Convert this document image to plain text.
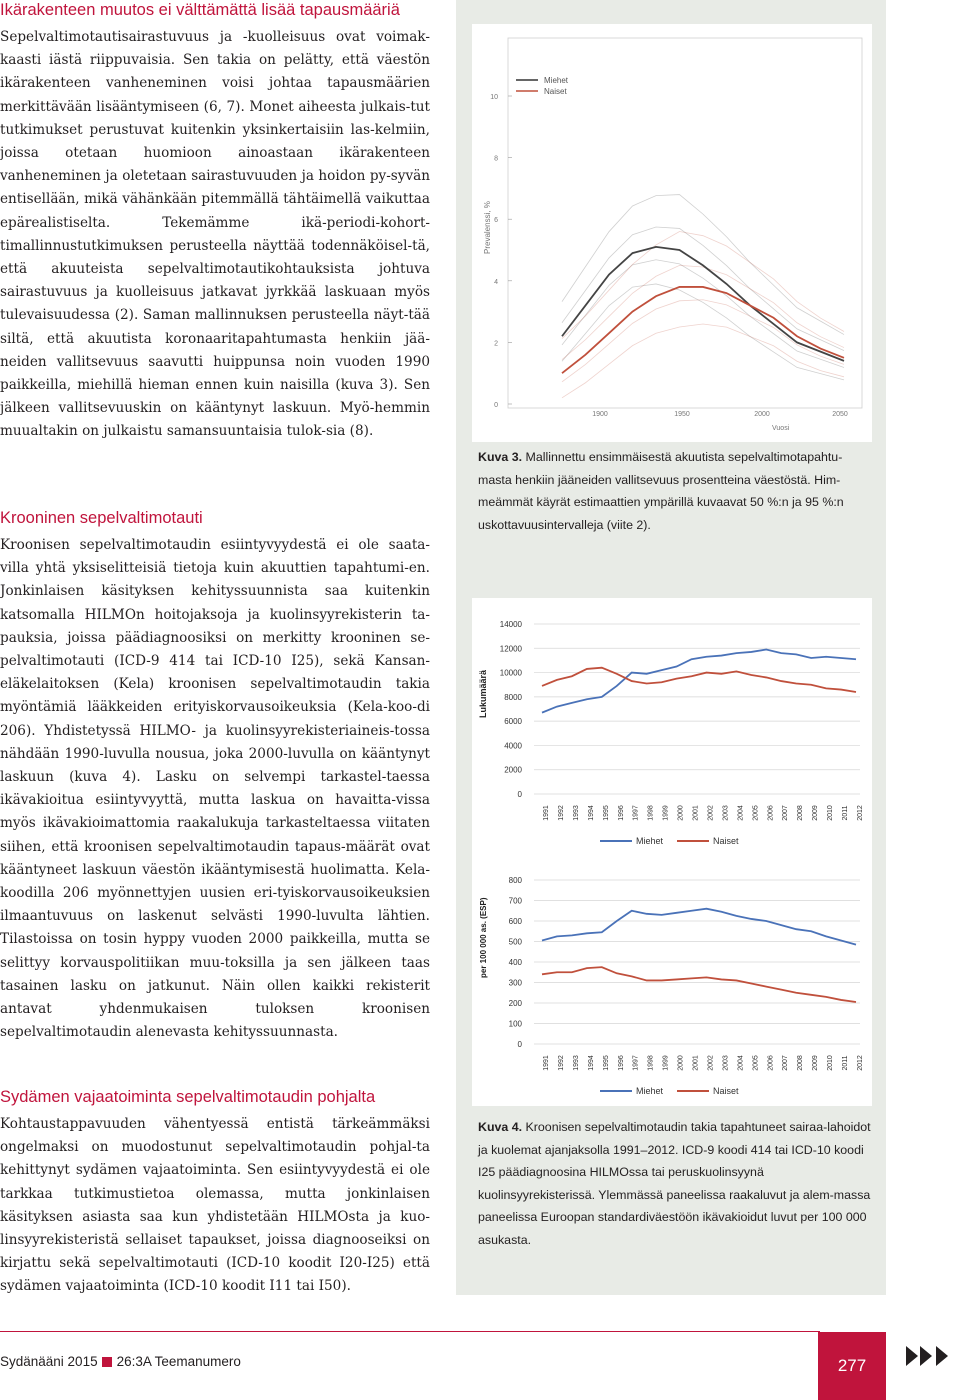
Ikärakenteen muutos ei välttämättä lisää tapausmääriä

Sepelvaltimotautisairastuvuus ja -kuolleisuus ovat voimak-kaasti iästä riippuvaisia. Sen takia on pelätty, että väestön ikärakenteen vanheneminen voisi johtaa tapausmäärien merkittävään lisääntymiseen (6, 7). Monet aiheesta julkais-tut tutkimukset perustuvat kuitenkin yksinkertaisiin las-kelmiin, joissa otetaan huomioon ainoastaan ikärakenteen vanheneminen ja oletetaan sairastuvuuden ja hoidon py-syvän entisellään, mikä vähänkään pitemmällä tähtäimellä vaikuttaa epärealistiselta. Tekemämme ikä-periodi-kohort-timallinnustutkimuksen perusteella näyttää todennäköisel-tä, että akuuteista sepelvaltimotautikohtauksista johtuva sairastuvuus ja kuolleisuus jatkavat jyrkkää laskuaan myös tulevaisuudessa (2). Saman mallinnuksen perusteella näyt-tää siltä, että akuutista koronaaritapahtumasta henkiin jää-neiden vallitsevuus saavutti huippunsa noin vuoden 1990 paikkeilla, miehillä hieman ennen kuin naisilla (kuva 3). Sen jälkeen vallitsevuuskin on kääntynyt laskuun. Myö-hemmin muualtakin on julkaistu samansuuntaisia tulok-sia (8).

Krooninen sepelvaltimotauti

Kroonisen sepelvaltimotaudin esiintyvyydestä ei ole saata-villa yhtä yksiselitteisiä tietoja kuin akuuttien tapahtumi-en. Jonkinlaisen käsityksen kehityssuunnista saa kuitenkin katsomalla HILMOn hoitojaksoja ja kuolinsyyrekisterin ta-pauksia, joissa päädiagnoosiksi on merkitty krooninen se-pelvaltimotauti (ICD-9 414 tai ICD-10 I25), sekä Kansan-eläkelaitoksen (Kela) kroonisen sepelvaltimotaudin takia myöntämiä lääkkeiden erityiskorvausoikeuksia (Kela-koo-di 206). Yhdistetyssä HILMO- ja kuolinsyyrekisteriaineis-tossa nähdään 1990-luvulla nousua, joka 2000-luvulla on kääntynyt laskuun (kuva 4). Lasku on selvempi tarkastel-taessa ikävakioitua esiintyvyyttä, mutta laskua on havaitta-vissa myös ikävakioimattomia raakalukuja tarkasteltaessa viitaten siihen, että kroonisen sepelvaltimotaudin tapaus-määrät ovat kääntyneet laskuun väestön ikääntymisestä huolimatta. Kela-koodilla 206 myönnettyjen uusien eri-tyiskorvausoikeuksien ilmaantuvuus on laskenut selvästi 1990-luvulta lähtien. Tilastoissa on tosin hyppy vuoden 2000 paikkeilla, mutta se selittyy korvauspolitiikan muu-toksilla ja sen jälkeen taas tasainen lasku on jatkunut. Näin ollen kaikki rekisterit antavat yhdenmukaisen tuloksen kroonisen sepelvaltimotaudin alenevasta kehityssuunnasta.

Sydämen vajaatoiminta sepelvaltimotaudin pohjalta

Kohtaustappavuuden vähentyessä entistä tärkeämmäksi ongelmaksi on muodostunut sepelvaltimotaudin pohjal-ta kehittynyt sydämen vajaatoiminta. Sen esiintyvyydestä ei ole tarkkaa tutkimustietoa olemassa, mutta jonkinlaisen käsityksen asiasta saa kun yhdistetään HILMOsta ja kuo-linsyyrekisteristä sellaiset tapaukset, joissa diagnooseiksi on kirjattu sekä sepelvaltimotauti (ICD-10 koodit I20-I25) että sydämen vajaatoiminta (ICD-10 koodit I11 tai I50).

10
8
6
4
2
0
1900	1950	2000	2050
Prevalenssi, %
Vuosi
Miehet
Naiset
Kuva 3. Mallinnettu ensimmäisestä akuutista sepelvaltimotapahtu-masta henkiin jääneiden vallitsevuus prosentteina väestöstä. Him-meämmät käyrät estimaattien ympärillä kuvaavat 50 %:n ja 95 %:n uskottavuusintervalleja (viite 2).
14000
12000
10000
8000
6000
4000
2000
0
1991 1992 1993 1994 1995 1996 1997 1998 1999 2000 2001 2002 2003 2004 2005 2006 2007 2008 2009 2010 2011 2012
800
700
600
500
400
300
200
100
0
1991 1992 1993 1994 1995 1996 1997 1998 1999 2000 2001 2002 2003 2004 2005 2006 2007 2008 2009 2010 2011 2012
Lukumäärä
per 100 000 as. (ESP)
Miehet	Naiset
Miehet	Naiset
Kuva 4. Kroonisen sepelvaltimotaudin takia tapahtuneet sairaa-lahoidot ja kuolemat ajanjaksolla 1991–2012. ICD-9 koodi 414 tai ICD-10 koodi I25 päädiagnoosina HILMOssa tai peruskuolinsyynä kuolinsyyrekisterissä. Ylemmässä paneelissa raakaluvut ja alem-massa paneelissa Euroopan standardiväestöön ikävakioidut luvut per 100 000 asukasta.
Sydänääni 2015 26:3A Teemanumero	277
